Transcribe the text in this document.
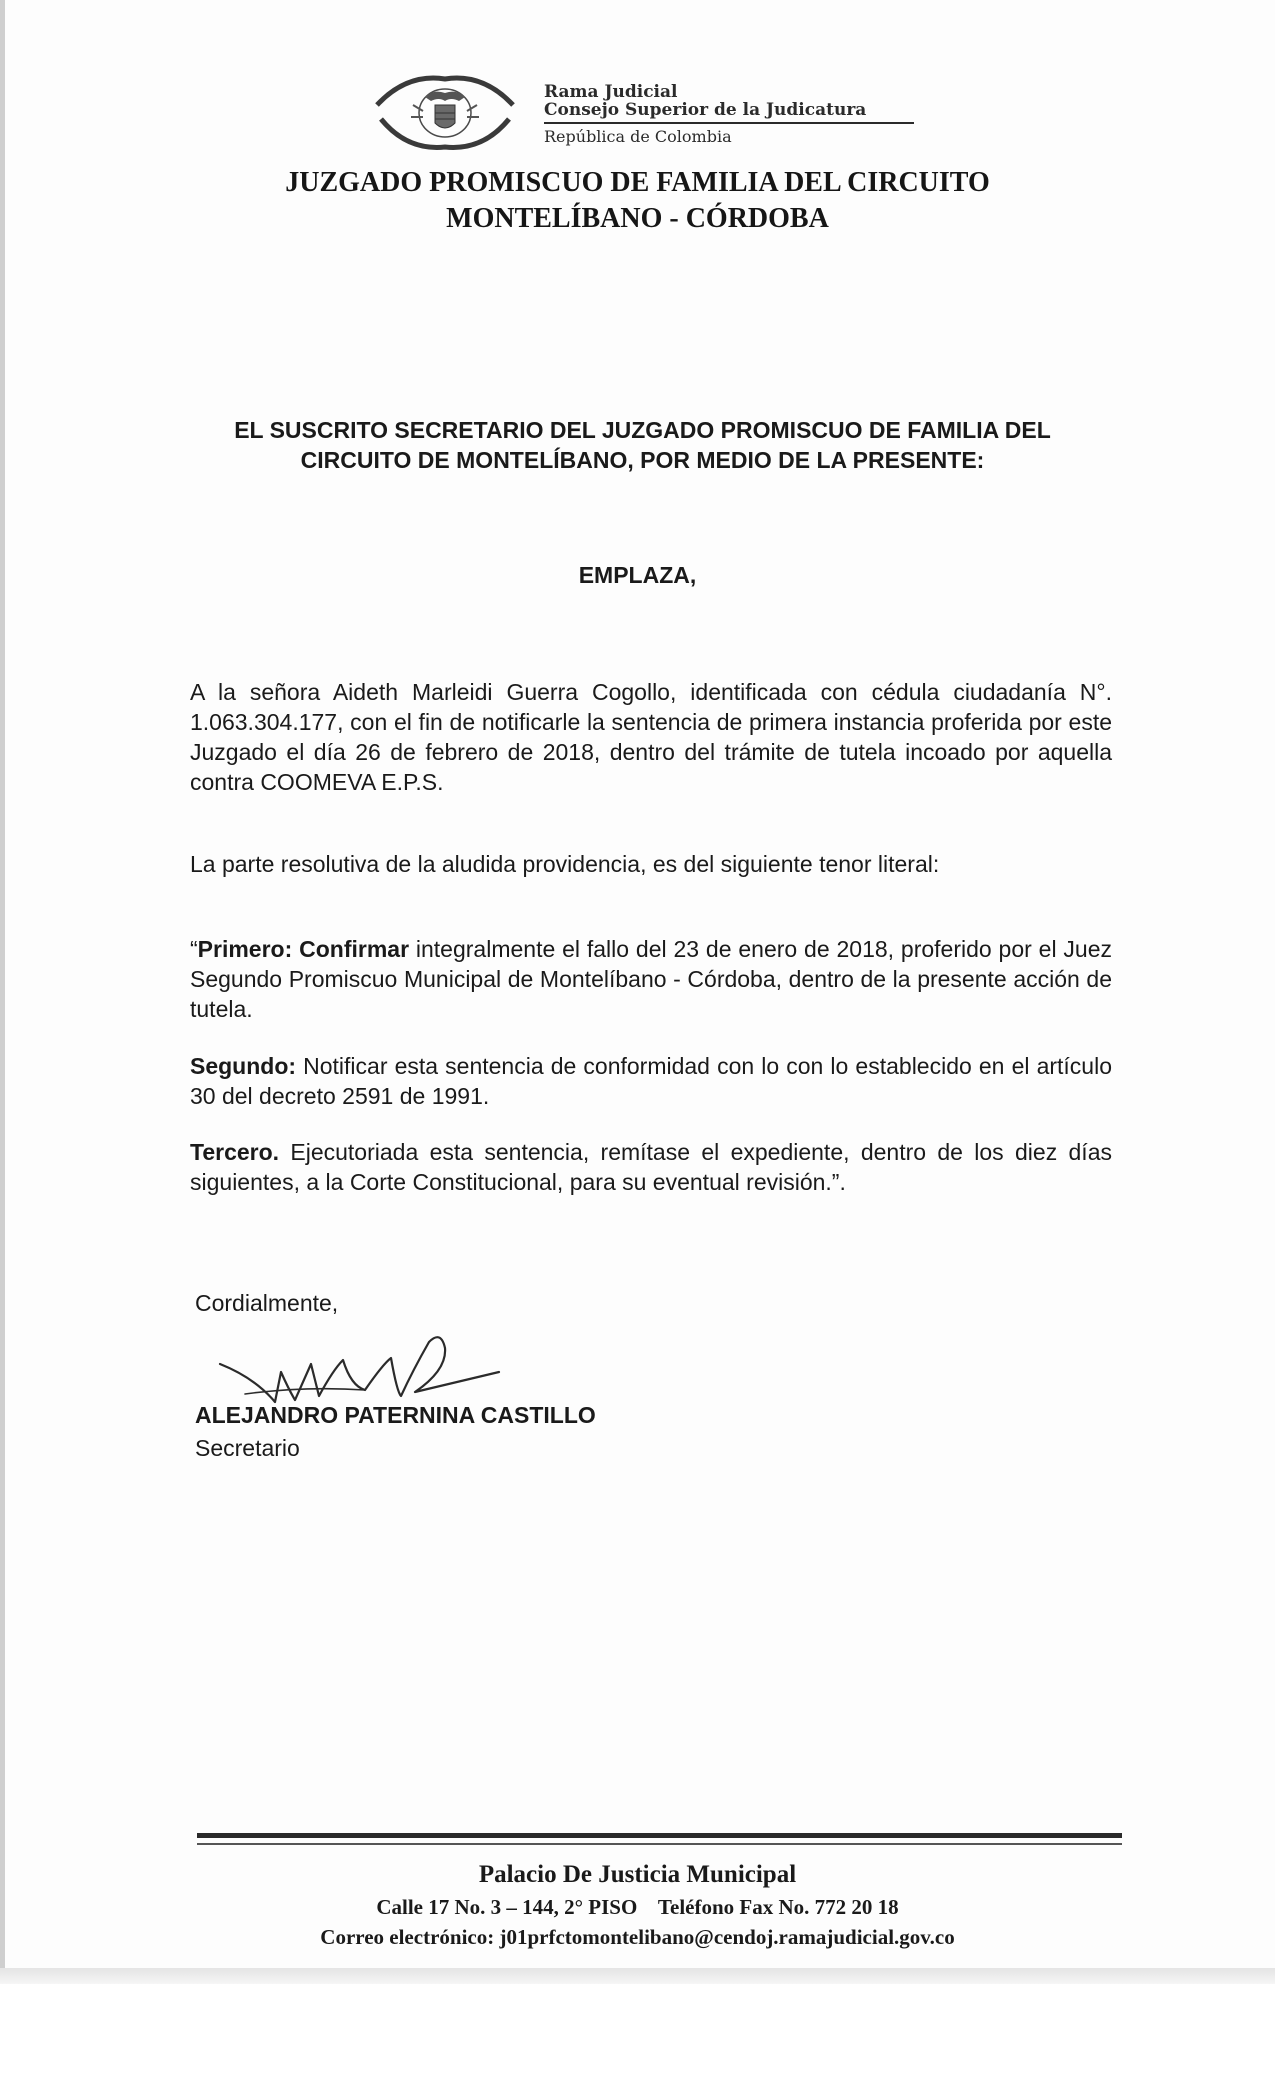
Rama Judicial
Consejo Superior de la Judicatura
República de Colombia
JUZGADO PROMISCUO DE FAMILIA DEL CIRCUITO
MONTELÍBANO - CÓRDOBA
EL SUSCRITO SECRETARIO DEL JUZGADO PROMISCUO DE FAMILIA DEL
CIRCUITO DE MONTELÍBANO, POR MEDIO DE LA PRESENTE:
EMPLAZA,
A la señora Aideth Marleidi Guerra Cogollo, identificada con cédula ciudadanía N°. 1.063.304.177, con el fin de notificarle la sentencia de primera instancia proferida por este Juzgado el día 26 de febrero de 2018, dentro del trámite de tutela incoado por aquella contra COOMEVA E.P.S.
La parte resolutiva de la aludida providencia, es del siguiente tenor literal:
“Primero: Confirmar integralmente el fallo del 23 de enero de 2018, proferido por el Juez Segundo Promiscuo Municipal de Montelíbano - Córdoba, dentro de la presente acción de tutela.
Segundo: Notificar esta sentencia de conformidad con lo con lo establecido en el artículo 30 del decreto 2591 de 1991.
Tercero. Ejecutoriada esta sentencia, remítase el expediente, dentro de los diez días siguientes, a la Corte Constitucional, para su eventual revisión.”.
Cordialmente,
ALEJANDRO PATERNINA CASTILLO
Secretario
Palacio De Justicia Municipal
Calle 17 No. 3 – 144, 2° PISO    Teléfono Fax No. 772 20 18
Correo electrónico: j01prfctomontelibano@cendoj.ramajudicial.gov.co
